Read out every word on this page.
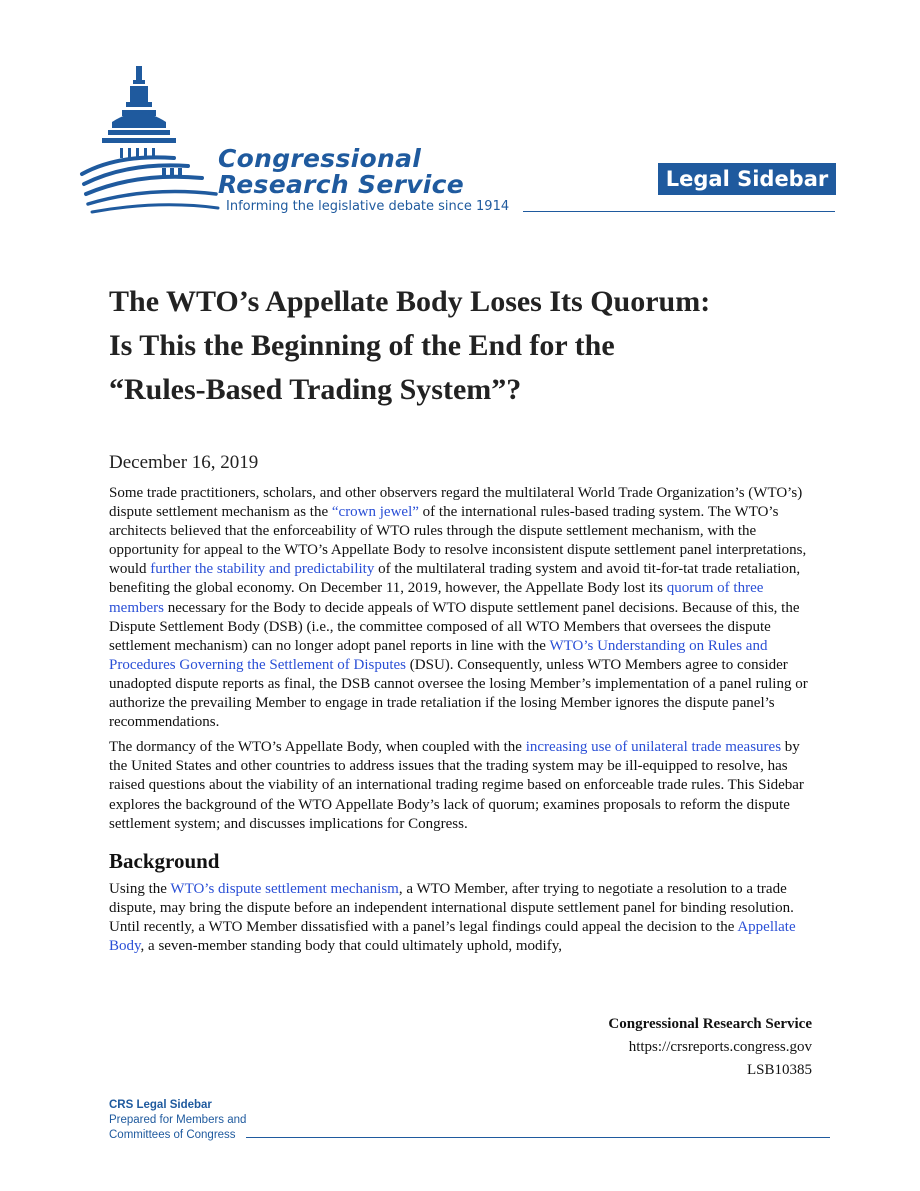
Congressional
Research Service
Informing the legislative debate since 1914
Legal Sidebar
The WTO’s Appellate Body Loses Its Quorum:
Is This the Beginning of the End for the
“Rules-Based Trading System”?
December 16, 2019

Some trade practitioners, scholars, and other observers regard the multilateral World Trade Organization’s (WTO’s) dispute settlement mechanism as the “crown jewel” of the international rules-based trading system. The WTO’s architects believed that the enforceability of WTO rules through the dispute settlement mechanism, with the opportunity for appeal to the WTO’s Appellate Body to resolve inconsistent dispute settlement panel interpretations, would further the stability and predictability of the multilateral trading system and avoid tit-for-tat trade retaliation, benefiting the global economy. On December 11, 2019, however, the Appellate Body lost its quorum of three members necessary for the Body to decide appeals of WTO dispute settlement panel decisions. Because of this, the Dispute Settlement Body (DSB) (i.e., the committee composed of all WTO Members that oversees the dispute settlement mechanism) can no longer adopt panel reports in line with the WTO’s Understanding on Rules and Procedures Governing the Settlement of Disputes (DSU). Consequently, unless WTO Members agree to consider unadopted dispute reports as final, the DSB cannot oversee the losing Member’s implementation of a panel ruling or authorize the prevailing Member to engage in trade retaliation if the losing Member ignores the dispute panel’s recommendations.

The dormancy of the WTO’s Appellate Body, when coupled with the increasing use of unilateral trade measures by the United States and other countries to address issues that the trading system may be ill-equipped to resolve, has raised questions about the viability of an international trading regime based on enforceable trade rules. This Sidebar explores the background of the WTO Appellate Body’s lack of quorum; examines proposals to reform the dispute settlement system; and discusses implications for Congress.

Background

Using the WTO’s dispute settlement mechanism, a WTO Member, after trying to negotiate a resolution to a trade dispute, may bring the dispute before an independent international dispute settlement panel for binding resolution. Until recently, a WTO Member dissatisfied with a panel’s legal findings could appeal the decision to the Appellate Body, a seven-member standing body that could ultimately uphold, modify,

Congressional Research Service
https://crsreports.congress.gov
LSB10385
CRS Legal Sidebar
Prepared for Members and
Committees of Congress
